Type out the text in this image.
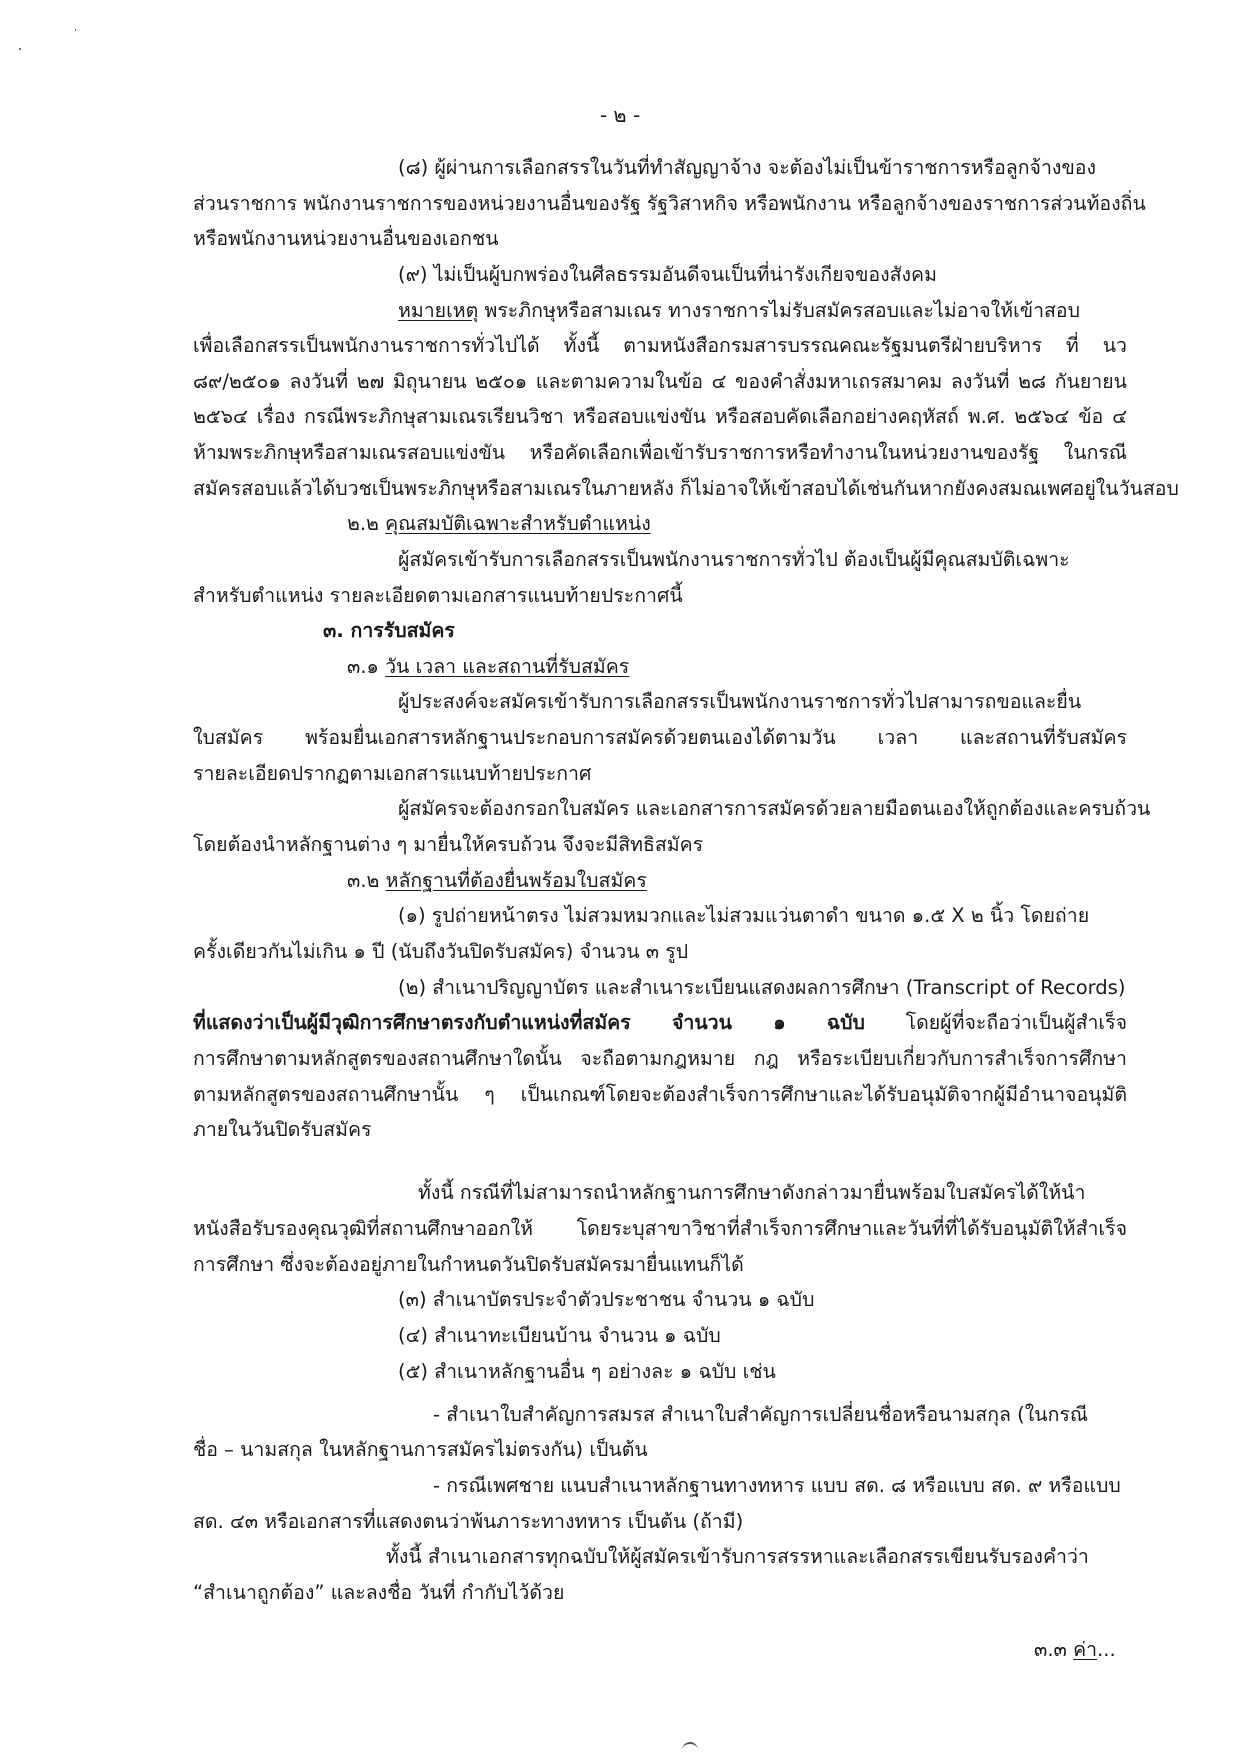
- ๒ -
(๘) ผู้ผ่านการเลือกสรรในวันที่ทำสัญญาจ้าง จะต้องไม่เป็นข้าราชการหรือลูกจ้างของ
ส่วนราชการ พนักงานราชการของหน่วยงานอื่นของรัฐ รัฐวิสาหกิจ หรือพนักงาน หรือลูกจ้างของราชการส่วนท้องถิ่น
หรือพนักงานหน่วยงานอื่นของเอกชน
(๙) ไม่เป็นผู้บกพร่องในศีลธรรมอันดีจนเป็นที่น่ารังเกียจของสังคม
หมายเหตุ พระภิกษุหรือสามเณร ทางราชการไม่รับสมัครสอบและไม่อาจให้เข้าสอบ
เพื่อเลือกสรรเป็นพนักงานราชการทั่วไปได้ ทั้งนี้ ตามหนังสือกรมสารบรรณคณะรัฐมนตรีฝ่ายบริหาร ที่ นว
๘๙/๒๕๐๑ ลงวันที่ ๒๗ มิถุนายน ๒๕๐๑ และตามความในข้อ ๔ ของคำสั่งมหาเถรสมาคม ลงวันที่ ๒๘ กันยายน
๒๕๖๔ เรื่อง กรณีพระภิกษุสามเณรเรียนวิชา หรือสอบแข่งขัน หรือสอบคัดเลือกอย่างคฤหัสถ์ พ.ศ. ๒๕๖๔ ข้อ ๔
ห้ามพระภิกษุหรือสามเณรสอบแข่งขัน หรือคัดเลือกเพื่อเข้ารับราชการหรือทำงานในหน่วยงานของรัฐ ในกรณี
สมัครสอบแล้วได้บวชเป็นพระภิกษุหรือสามเณรในภายหลัง ก็ไม่อาจให้เข้าสอบได้เช่นกันหากยังคงสมณเพศอยู่ในวันสอบ
๒.๒ คุณสมบัติเฉพาะสำหรับตำแหน่ง
ผู้สมัครเข้ารับการเลือกสรรเป็นพนักงานราชการทั่วไป ต้องเป็นผู้มีคุณสมบัติเฉพาะ
สำหรับตำแหน่ง รายละเอียดตามเอกสารแนบท้ายประกาศนี้
๓. การรับสมัคร
๓.๑ วัน เวลา และสถานที่รับสมัคร
ผู้ประสงค์จะสมัครเข้ารับการเลือกสรรเป็นพนักงานราชการทั่วไปสามารถขอและยื่น
ใบสมัคร พร้อมยื่นเอกสารหลักฐานประกอบการสมัครด้วยตนเองได้ตามวัน เวลา และสถานที่รับสมัคร
รายละเอียดปรากฏตามเอกสารแนบท้ายประกาศ
ผู้สมัครจะต้องกรอกใบสมัคร และเอกสารการสมัครด้วยลายมือตนเองให้ถูกต้องและครบถ้วน
โดยต้องนำหลักฐานต่าง ๆ มายื่นให้ครบถ้วน จึงจะมีสิทธิสมัคร
๓.๒ หลักฐานที่ต้องยื่นพร้อมใบสมัคร
(๑) รูปถ่ายหน้าตรง ไม่สวมหมวกและไม่สวมแว่นตาดำ ขนาด ๑.๕ X ๒ นิ้ว โดยถ่าย
ครั้งเดียวกันไม่เกิน ๑ ปี (นับถึงวันปิดรับสมัคร) จำนวน ๓ รูป
(๒) สำเนาปริญญาบัตร และสำเนาระเบียนแสดงผลการศึกษา (Transcript of Records)
ที่แสดงว่าเป็นผู้มีวุฒิการศึกษาตรงกับตำแหน่งที่สมัคร จำนวน ๑ ฉบับ โดยผู้ที่จะถือว่าเป็นผู้สำเร็จ
การศึกษาตามหลักสูตรของสถานศึกษาใดนั้น จะถือตามกฎหมาย กฎ หรือระเบียบเกี่ยวกับการสำเร็จการศึกษา
ตามหลักสูตรของสถานศึกษานั้น ๆ เป็นเกณฑ์โดยจะต้องสำเร็จการศึกษาและได้รับอนุมัติจากผู้มีอำนาจอนุมัติ
ภายในวันปิดรับสมัคร
ทั้งนี้ กรณีที่ไม่สามารถนำหลักฐานการศึกษาดังกล่าวมายื่นพร้อมใบสมัครได้ให้นำ
หนังสือรับรองคุณวุฒิที่สถานศึกษาออกให้ โดยระบุสาขาวิชาที่สำเร็จการศึกษาและวันที่ที่ได้รับอนุมัติให้สำเร็จ
การศึกษา ซึ่งจะต้องอยู่ภายในกำหนดวันปิดรับสมัครมายื่นแทนก็ได้
(๓) สำเนาบัตรประจำตัวประชาชน จำนวน ๑ ฉบับ
(๔) สำเนาทะเบียนบ้าน จำนวน ๑ ฉบับ
(๕) สำเนาหลักฐานอื่น ๆ อย่างละ ๑ ฉบับ เช่น
- สำเนาใบสำคัญการสมรส สำเนาใบสำคัญการเปลี่ยนชื่อหรือนามสกุล (ในกรณี
ชื่อ – นามสกุล ในหลักฐานการสมัครไม่ตรงกัน) เป็นต้น
- กรณีเพศชาย แนบสำเนาหลักฐานทางทหาร แบบ สด. ๘ หรือแบบ สด. ๙ หรือแบบ
สด. ๔๓ หรือเอกสารที่แสดงตนว่าพ้นภาระทางทหาร เป็นต้น (ถ้ามี)
ทั้งนี้ สำเนาเอกสารทุกฉบับให้ผู้สมัครเข้ารับการสรรหาและเลือกสรรเขียนรับรองคำว่า
“สำเนาถูกต้อง” และลงชื่อ วันที่ กำกับไว้ด้วย
๓.๓ ค่า...
